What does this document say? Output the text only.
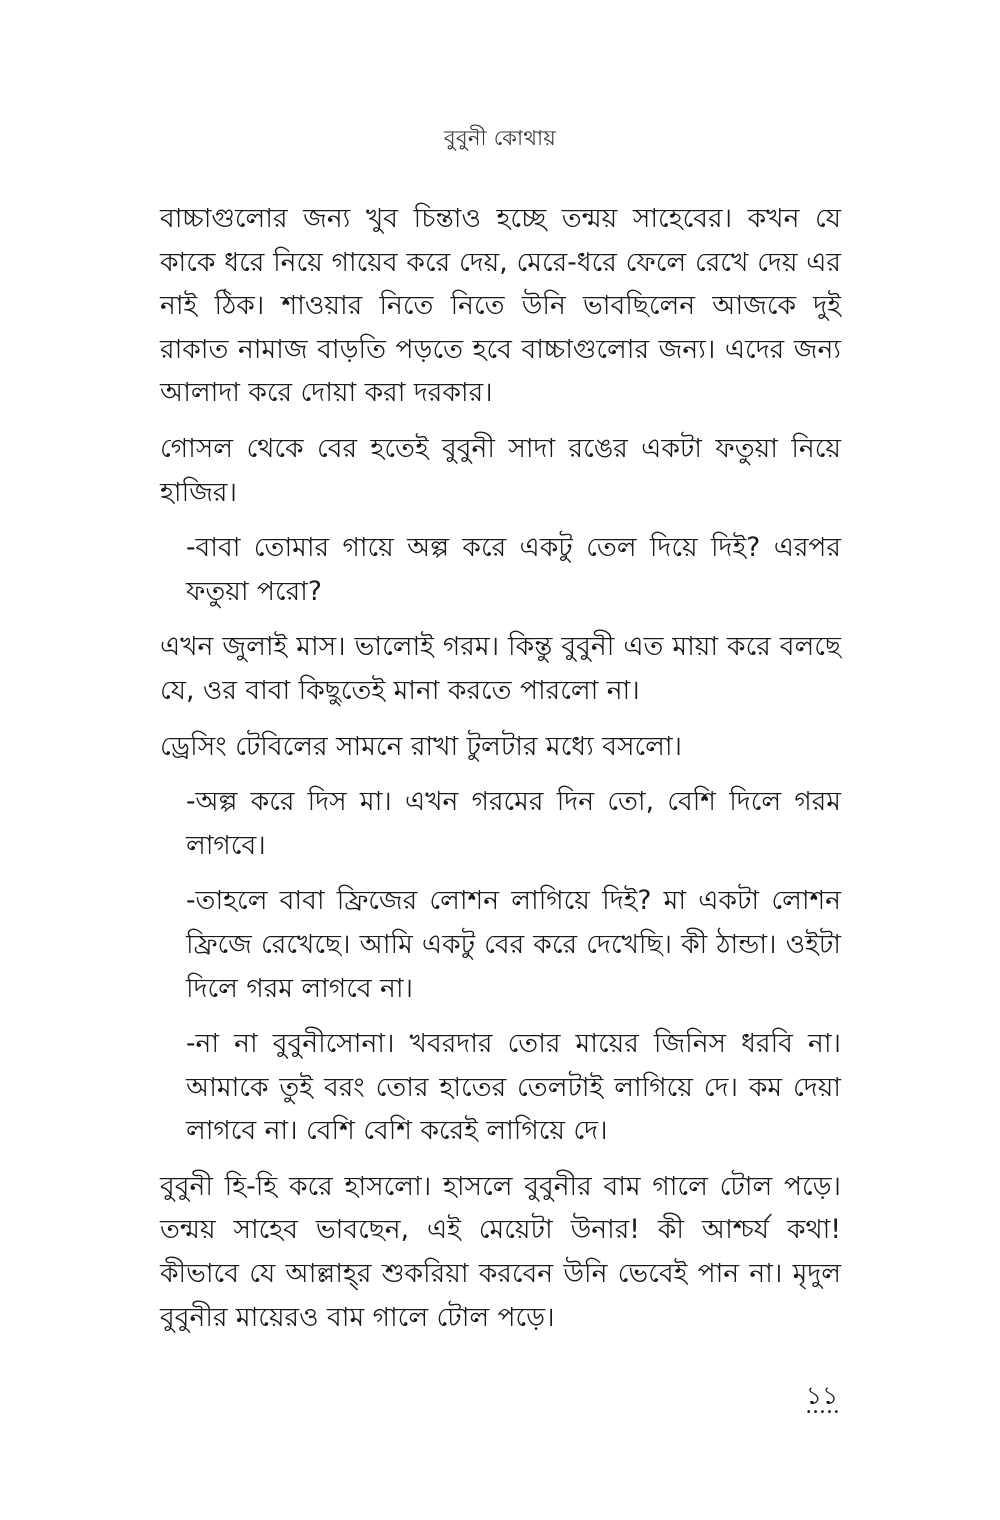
বুবুনী কোথায়

বাচ্চাগুলোর জন্য খুব চিন্তাও হচ্ছে তন্ময় সাহেবের। কখন যে কাকে ধরে নিয়ে গায়েব করে দেয়, মেরে-ধরে ফেলে রেখে দেয় এর নাই ঠিক। শাওয়ার নিতে নিতে উনি ভাবছিলেন আজকে দুই রাকাত নামাজ বাড়তি পড়তে হবে বাচ্চাগুলোর জন্য। এদের জন্য আলাদা করে দোয়া করা দরকার।

গোসল থেকে বের হতেই বুবুনী সাদা রঙের একটা ফতুয়া নিয়ে হাজির।

-বাবা তোমার গায়ে অল্প করে একটু তেল দিয়ে দিই? এরপর ফতুয়া পরো?

এখন জুলাই মাস। ভালোই গরম। কিন্তু বুবুনী এত মায়া করে বলছে যে, ওর বাবা কিছুতেই মানা করতে পারলো না।

ড্রেসিং টেবিলের সামনে রাখা টুলটার মধ্যে বসলো।

-অল্প করে দিস মা। এখন গরমের দিন তো, বেশি দিলে গরম লাগবে।

-তাহলে বাবা ফ্রিজের লোশন লাগিয়ে দিই? মা একটা লোশন ফ্রিজে রেখেছে। আমি একটু বের করে দেখেছি। কী ঠান্ডা। ওইটা দিলে গরম লাগবে না।

-না না বুবুনীসোনা। খবরদার তোর মায়ের জিনিস ধরবি না। আমাকে তুই বরং তোর হাতের তেলটাই লাগিয়ে দে। কম দেয়া লাগবে না। বেশি বেশি করেই লাগিয়ে দে।

বুবুনী হি-হি করে হাসলো। হাসলে বুবুনীর বাম গালে টোল পড়ে। তন্ময় সাহেব ভাবছেন, এই মেয়েটা উনার! কী আশ্চর্য কথা! কীভাবে যে আল্লাহ্‌র শুকরিয়া করবেন উনি ভেবেই পান না। মৃদুল বুবুনীর মায়েরও বাম গালে টোল পড়ে।

১১
•••••
